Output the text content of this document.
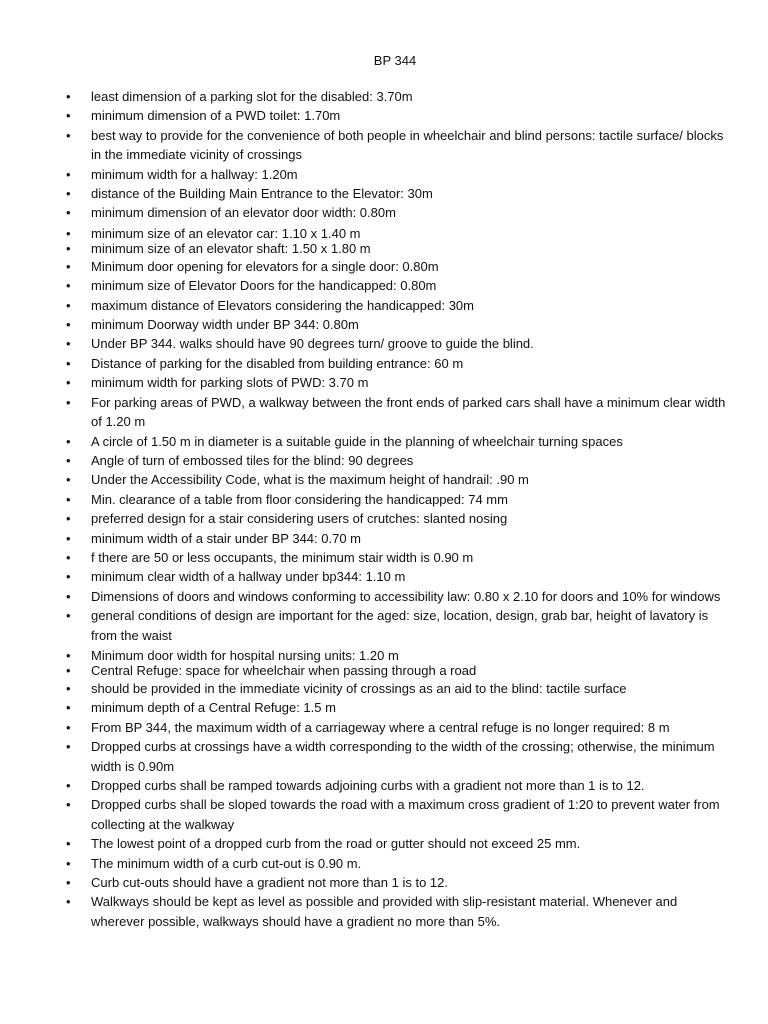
BP 344
• least dimension of a parking slot for the disabled: 3.70m
• minimum dimension of a PWD toilet: 1.70m
• best way to provide for the convenience of both people in wheelchair and blind persons: tactile surface/ blocks in the immediate vicinity of crossings
• minimum width for a hallway: 1.20m
• distance of the Building Main Entrance to the Elevator: 30m
• minimum dimension of an elevator door width: 0.80m
• minimum size of an elevator car: 1.10 x 1.40 m
• minimum size of an elevator shaft: 1.50 x 1.80 m
• Minimum door opening for elevators for a single door: 0.80m
• minimum size of Elevator Doors for the handicapped: 0.80m
• maximum distance of Elevators considering the handicapped: 30m
• minimum Doorway width under BP 344: 0.80m
• Under BP 344. walks should have 90 degrees turn/ groove to guide the blind.
• Distance of parking for the disabled from building entrance: 60 m
• minimum width for parking slots of PWD: 3.70 m
• For parking areas of PWD, a walkway between the front ends of parked cars shall have a minimum clear width of 1.20 m
• A circle of 1.50 m in diameter is a suitable guide in the planning of wheelchair turning spaces
• Angle of turn of embossed tiles for the blind: 90 degrees
• Under the Accessibility Code, what is the maximum height of handrail: .90 m
• Min. clearance of a table from floor considering the handicapped: 74 mm
• preferred design for a stair considering users of crutches: slanted nosing
• minimum width of a stair under BP 344: 0.70 m
• f there are 50 or less occupants, the minimum stair width is 0.90 m
• minimum clear width of a hallway under bp344: 1.10 m
• Dimensions of doors and windows conforming to accessibility law: 0.80 x 2.10 for doors and 10% for windows
• general conditions of design are important for the aged: size, location, design, grab bar, height of lavatory is from the waist
• Minimum door width for hospital nursing units: 1.20 m
• Central Refuge: space for wheelchair when passing through a road
• should be provided in the immediate vicinity of crossings as an aid to the blind: tactile surface
• minimum depth of a Central Refuge: 1.5 m
• From BP 344, the maximum width of a carriageway where a central refuge is no longer required: 8 m
• Dropped curbs at crossings have a width corresponding to the width of the crossing; otherwise, the minimum width is 0.90m
• Dropped curbs shall be ramped towards adjoining curbs with a gradient not more than 1 is to 12.
• Dropped curbs shall be sloped towards the road with a maximum cross gradient of 1:20 to prevent water from collecting at the walkway
• The lowest point of a dropped curb from the road or gutter should not exceed 25 mm.
• The minimum width of a curb cut-out is 0.90 m.
• Curb cut-outs should have a gradient not more than 1 is to 12.
• Walkways should be kept as level as possible and provided with slip-resistant material. Whenever and wherever possible, walkways should have a gradient no more than 5%.
